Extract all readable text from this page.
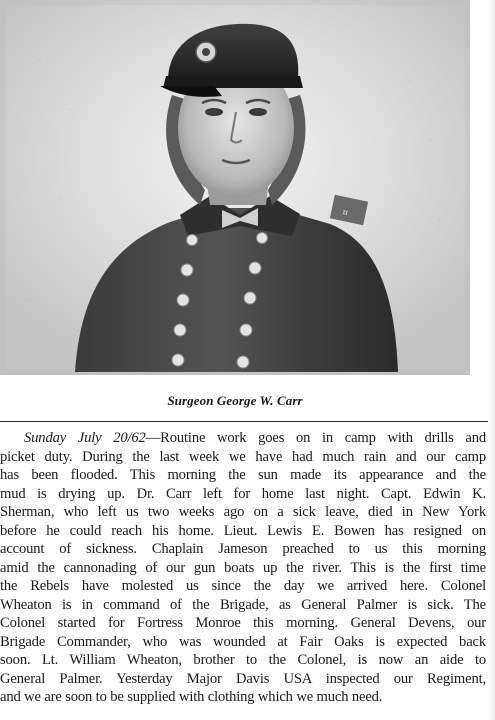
¤
Surgeon George W. Carr
Sunday July 20/62—Routine work goes on in camp with drills and
picket duty. During the last week we have had much rain and our camp
has been flooded. This morning the sun made its appearance and the
mud is drying up. Dr. Carr left for home last night. Capt. Edwin K.
Sherman, who left us two weeks ago on a sick leave, died in New York
before he could reach his home. Lieut. Lewis E. Bowen has resigned on
account of sickness. Chaplain Jameson preached to us this morning
amid the cannonading of our gun boats up the river. This is the first time
the Rebels have molested us since the day we arrived here. Colonel
Wheaton is in command of the Brigade, as General Palmer is sick. The
Colonel started for Fortress Monroe this morning. General Devens, our
Brigade Commander, who was wounded at Fair Oaks is expected back
soon. Lt. William Wheaton, brother to the Colonel, is now an aide to
General Palmer. Yesterday Major Davis USA inspected our Regiment,
and we are soon to be supplied with clothing which we much need.
